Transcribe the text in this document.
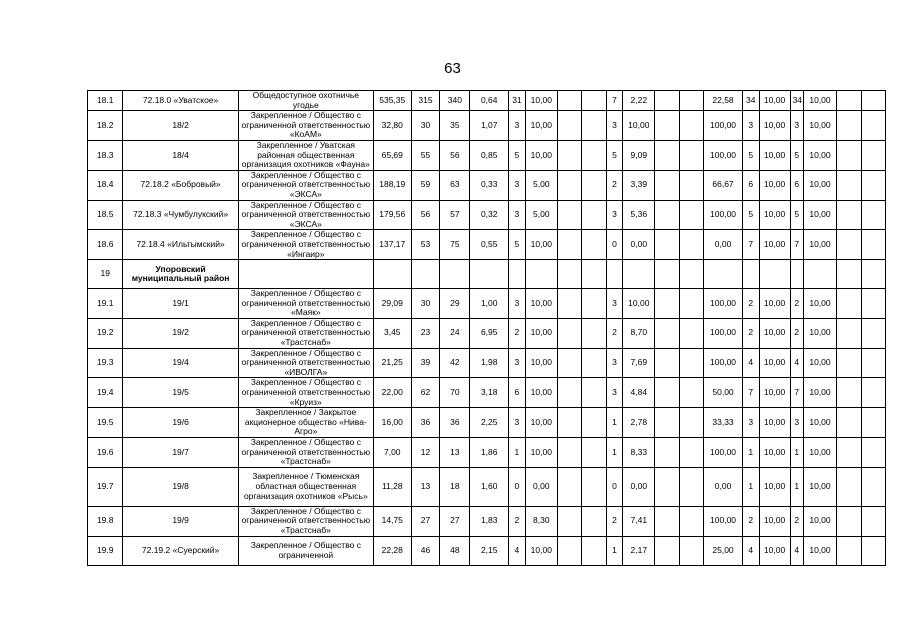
63
18.1	72.18.0 «Уватское»	Общедоступное охотничье угодье	535,35	315	340	0,64	31	10,00			7	2,22			22,58	34	10,00	34	10,00		
18.2	18/2	Закрепленное / Общество с ограниченной ответственностью «КоАМ»	32,80	30	35	1,07	3	10,00			3	10,00			100,00	3	10,00	3	10,00		
18.3	18/4	Закрепленное / Уватская районная общественная организация охотников «Фауна»	65,69	55	56	0,85	5	10,00			5	9,09			100,00	5	10,00	5	10,00		
18.4	72.18.2 «Бобровый»	Закрепленное / Общество с ограниченной ответственностью «ЭКСА»	188,19	59	63	0,33	3	5,00			2	3,39			66,67	6	10,00	6	10,00		
18.5	72.18.3 «Чумбулукский»	Закрепленное / Общество с ограниченной ответственностью «ЭКСА»	179,56	56	57	0,32	3	5,00			3	5,36			100,00	5	10,00	5	10,00		
18.6	72.18.4 «Ильтымский»	Закрепленное / Общество с ограниченной ответственностью «Ингаир»	137,17	53	75	0,55	5	10,00			0	0,00			0,00	7	10,00	7	10,00		
19	Упоровский муниципальный район																				
19.1	19/1	Закрепленное / Общество с ограниченной ответственностью «Маяк»	29,09	30	29	1,00	3	10,00			3	10,00			100,00	2	10,00	2	10,00		
19.2	19/2	Закрепленное / Общество с ограниченной ответственностью «Трастснаб»	3,45	23	24	6,95	2	10,00			2	8,70			100,00	2	10,00	2	10,00		
19.3	19/4	Закрепленное / Общество с ограниченной ответственностью «ИВОЛГА»	21,25	39	42	1,98	3	10,00			3	7,69			100,00	4	10,00	4	10,00		
19.4	19/5	Закрепленное / Общество с ограниченной ответственностью «Круиз»	22,00	62	70	3,18	6	10,00			3	4,84			50,00	7	10,00	7	10,00		
19.5	19/6	Закрепленное / Закрытое акционерное общество «Нива-Агро»	16,00	36	36	2,25	3	10,00			1	2,78			33,33	3	10,00	3	10,00		
19.6	19/7	Закрепленное / Общество с ограниченной ответственностью «Трастснаб»	7,00	12	13	1,86	1	10,00			1	8,33			100,00	1	10,00	1	10,00		
19.7	19/8	Закрепленное / Тюменская областная общественная организация охотников «Рысь»	11,28	13	18	1,60	0	0,00			0	0,00			0,00	1	10,00	1	10,00		
19.8	19/9	Закрепленное / Общество с ограниченной ответственностью «Трастснаб»	14,75	27	27	1,83	2	8,30			2	7,41			100,00	2	10,00	2	10,00		
19.9	72.19.2 «Суерский»	Закрепленное / Общество с ограниченной	22,28	46	48	2,15	4	10,00			1	2,17			25,00	4	10,00	4	10,00		
